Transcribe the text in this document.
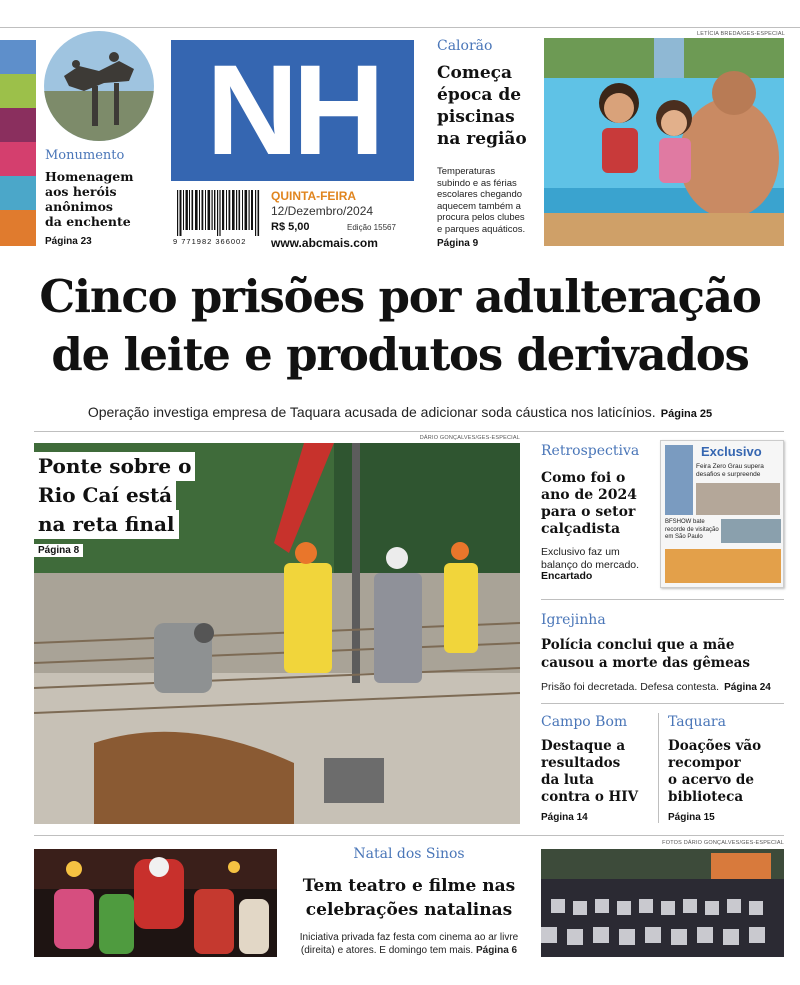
Monumento
Homenagem
aos heróis
anônimos
da enchente
Página 23
NH
9 771982 366002
QUINTA-FEIRA
12/Dezembro/2024
R$ 5,00	Edição 15567
www.abcmais.com
Calorão
Começa
época de
piscinas
na região
Temperaturas
subindo e as férias
escolares chegando
aquecem também a
procura pelos clubes
e parques aquáticos.
Página 9
LETÍCIA BREDA/GES-ESPECIAL
Cinco prisões por adulteração
de leite e produtos derivados
Operação investiga empresa de Taquara acusada de adicionar soda cáustica nos laticínios. Página 25
DÁRIO GONÇALVES/GES-ESPECIAL
Ponte sobre o
Rio Caí está
na reta final
Página 8
Retrospectiva
Como foi o
ano de 2024
para o setor
calçadista
Exclusivo faz um
balanço do mercado.
Encartado
Exclusivo
Feira Zero Grau supera
desafios e surpreende
BFSHOW bate
recorde de visitação
em São Paulo
Igrejinha
Polícia conclui que a mãe
causou a morte das gêmeas
Prisão foi decretada. Defesa contesta. Página 24
Campo Bom
Destaque a
resultados
da luta
contra o HIV
Página 14
Taquara
Doações vão
recompor
o acervo de
biblioteca
Página 15
Natal dos Sinos
Tem teatro e filme nas
celebrações natalinas
Iniciativa privada faz festa com cinema ao ar livre
(direita) e atores. E domingo tem mais. Página 6
FOTOS DÁRIO GONÇALVES/GES-ESPECIAL
